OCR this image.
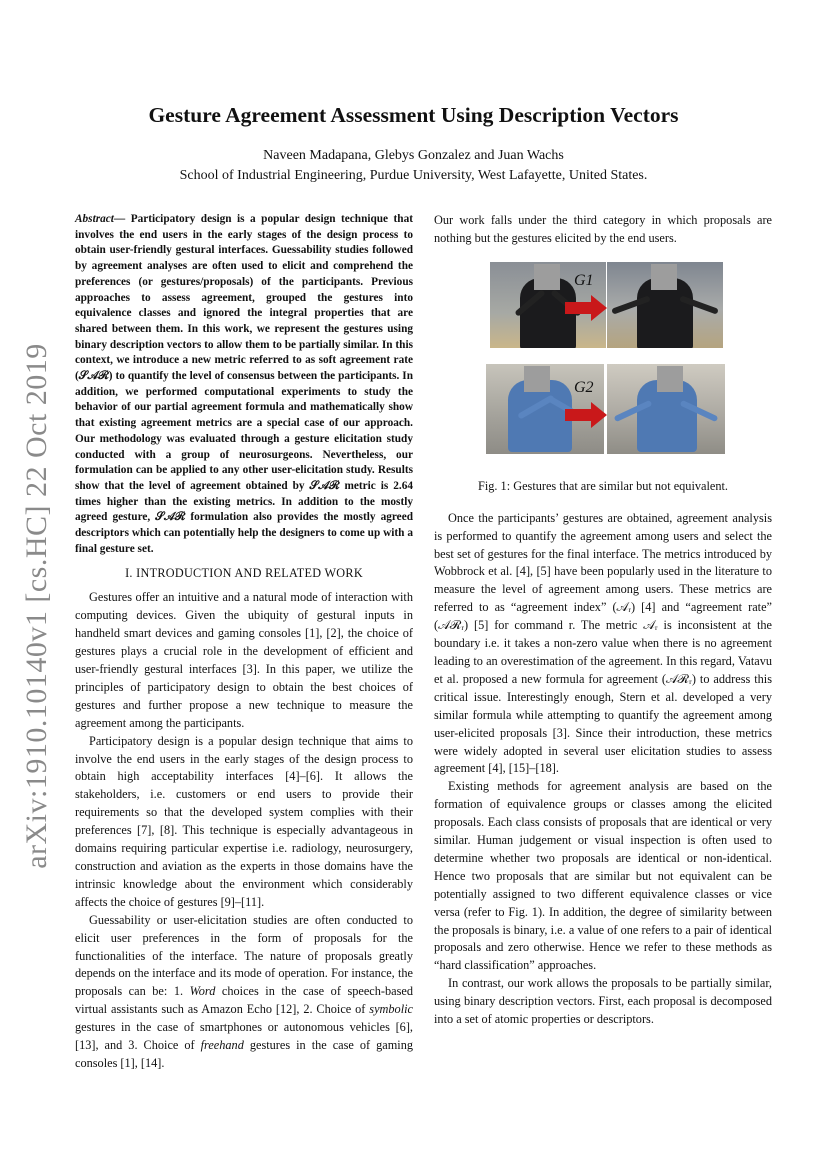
arXiv:1910.10140v1 [cs.HC] 22 Oct 2019
Gesture Agreement Assessment Using Description Vectors
Naveen Madapana, Glebys Gonzalez and Juan Wachs
School of Industrial Engineering, Purdue University, West Lafayette, United States.

Abstract— Participatory design is a popular design technique that involves the end users in the early stages of the design process to obtain user-friendly gestural interfaces. Guessability studies followed by agreement analyses are often used to elicit and comprehend the preferences (or gestures/proposals) of the participants. Previous approaches to assess agreement, grouped the gestures into equivalence classes and ignored the integral properties that are shared between them. In this work, we represent the gestures using binary description vectors to allow them to be partially similar. In this context, we introduce a new metric referred to as soft agreement rate (𝒮𝒜ℛ) to quantify the level of consensus between the participants. In addition, we performed computational experiments to study the behavior of our partial agreement formula and mathematically show that existing agreement metrics are a special case of our approach. Our methodology was evaluated through a gesture elicitation study conducted with a group of neurosurgeons. Nevertheless, our formulation can be applied to any other user-elicitation study. Results show that the level of agreement obtained by 𝒮𝒜ℛ metric is 2.64 times higher than the existing metrics. In addition to the mostly agreed gesture, 𝒮𝒜ℛ formulation also provides the mostly agreed descriptors which can potentially help the designers to come up with a final gesture set.

I. INTRODUCTION AND RELATED WORK

Gestures offer an intuitive and a natural mode of interaction with computing devices. Given the ubiquity of gestural inputs in handheld smart devices and gaming consoles [1], [2], the choice of gestures plays a crucial role in the development of efficient and user-friendly gestural interfaces [3]. In this paper, we utilize the principles of participatory design to obtain the best choices of gestures and further propose a new technique to measure the agreement among the participants.

Participatory design is a popular design technique that aims to involve the end users in the early stages of the design process to obtain high acceptability interfaces [4]–[6]. It allows the stakeholders, i.e. customers or end users to provide their requirements so that the developed system complies with their preferences [7], [8]. This technique is especially advantageous in domains requiring particular expertise i.e. radiology, neurosurgery, construction and aviation as the experts in those domains have the intrinsic knowledge about the environment which considerably affects the choice of gestures [9]–[11].

Guessability or user-elicitation studies are often conducted to elicit user preferences in the form of proposals for the functionalities of the interface. The nature of proposals greatly depends on the interface and its mode of operation. For instance, the proposals can be: 1. Word choices in the case of speech-based virtual assistants such as Amazon Echo [12], 2. Choice of symbolic gestures in the case of smartphones or autonomous vehicles [6], [13], and 3. Choice of freehand gestures in the case of gaming consoles [1], [14].

Our work falls under the third category in which proposals are nothing but the gestures elicited by the end users.

G1
G2
Fig. 1: Gestures that are similar but not equivalent.

Once the participants’ gestures are obtained, agreement analysis is performed to quantify the agreement among users and select the best set of gestures for the final interface. The metrics introduced by Wobbrock et al. [4], [5] have been popularly used in the literature to measure the level of agreement among users. These metrics are referred to as “agreement index” (𝒜ᵣ) [4] and “agreement rate” (𝒜ℛᵣ) [5] for command r. The metric 𝒜ᵣ is inconsistent at the boundary i.e. it takes a non-zero value when there is no agreement leading to an overestimation of the agreement. In this regard, Vatavu et al. proposed a new formula for agreement (𝒜ℛᵣ) to address this critical issue. Interestingly enough, Stern et al. developed a very similar formula while attempting to quantify the agreement among user-elicited proposals [3]. Since their introduction, these metrics were widely adopted in several user elicitation studies to assess agreement [4], [15]–[18].

Existing methods for agreement analysis are based on the formation of equivalence groups or classes among the elicited proposals. Each class consists of proposals that are identical or very similar. Human judgement or visual inspection is often used to determine whether two proposals are identical or non-identical. Hence two proposals that are similar but not equivalent can be potentially assigned to two different equivalence classes or vice versa (refer to Fig. 1). In addition, the degree of similarity between the proposals is binary, i.e. a value of one refers to a pair of identical proposals and zero otherwise. Hence we refer to these methods as “hard classification” approaches.

In contrast, our work allows the proposals to be partially similar, using binary description vectors. First, each proposal is decomposed into a set of atomic properties or descriptors.
